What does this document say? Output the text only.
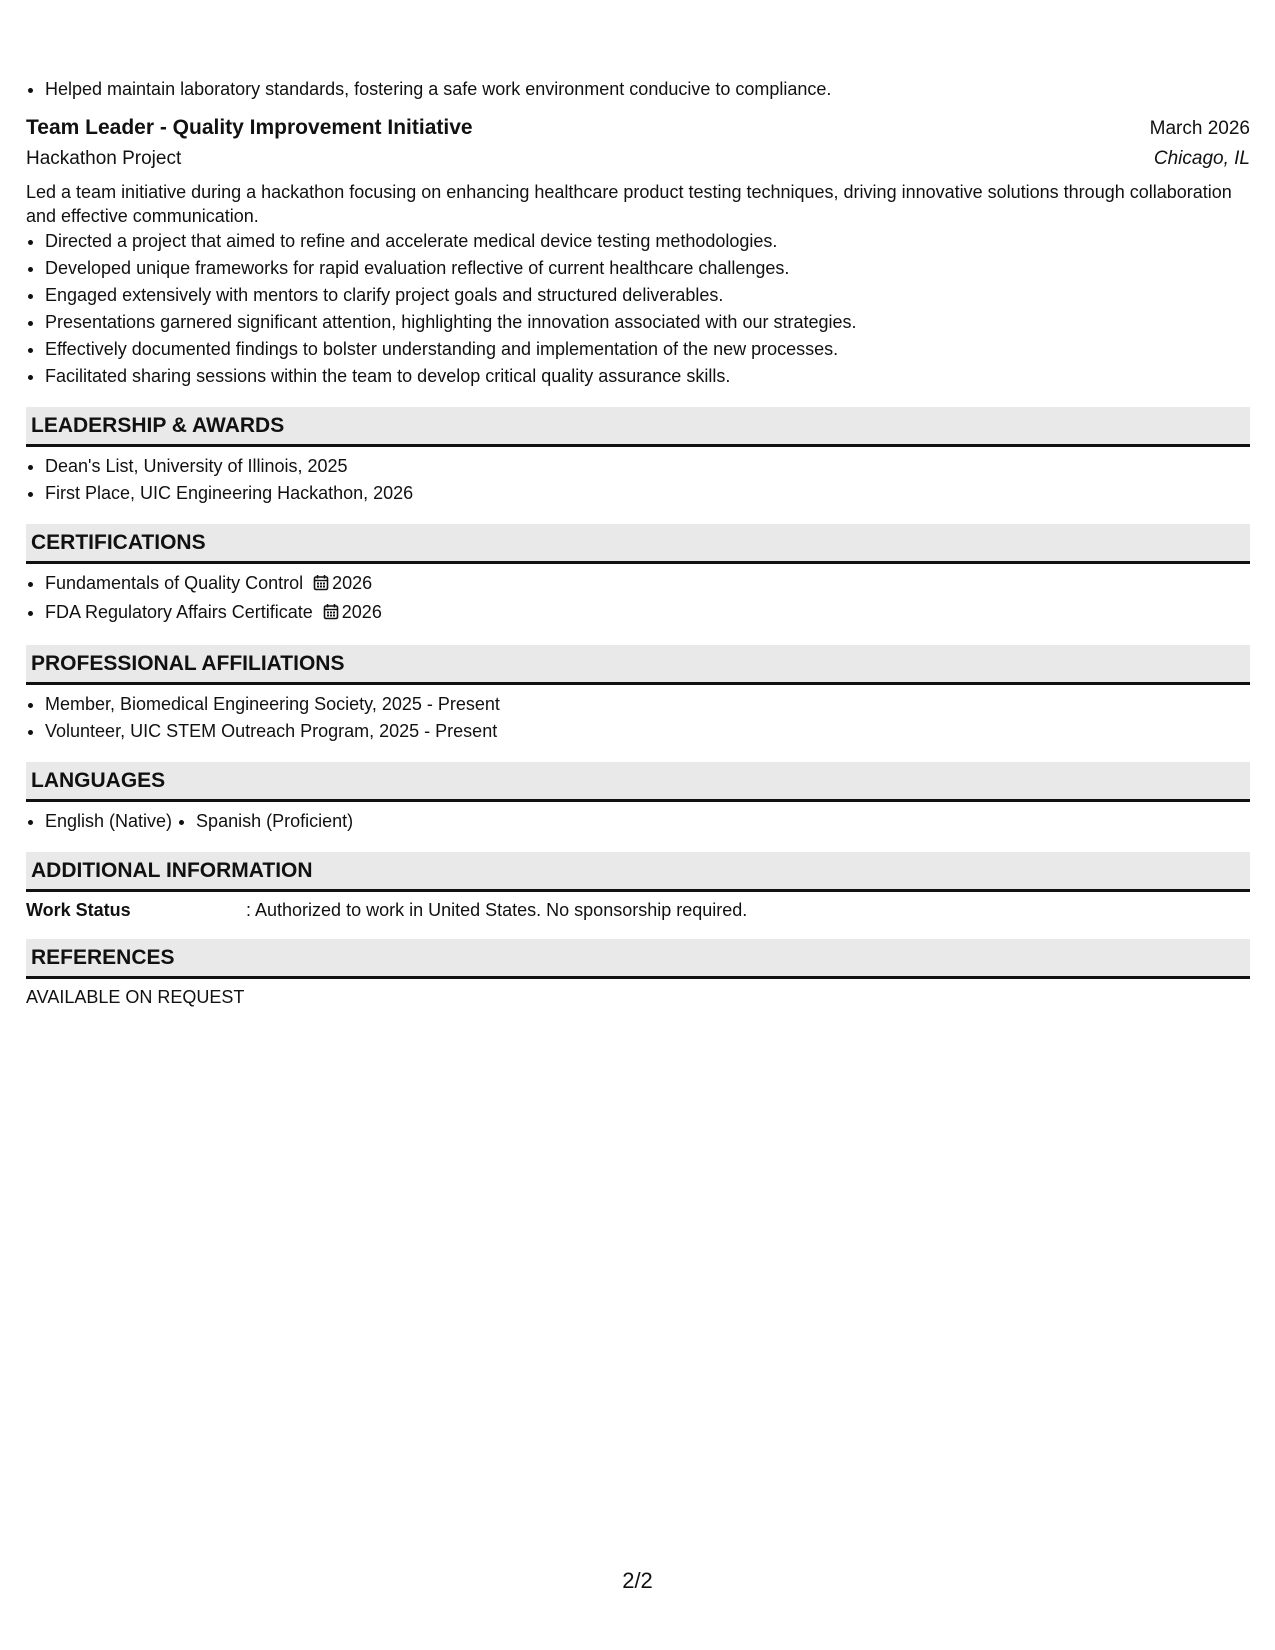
• Helped maintain laboratory standards, fostering a safe work environment conducive to compliance.
Team Leader - Quality Improvement Initiative	March 2026
Hackathon Project	Chicago, IL
Led a team initiative during a hackathon focusing on enhancing healthcare product testing techniques, driving innovative solutions through collaboration and effective communication.
• Directed a project that aimed to refine and accelerate medical device testing methodologies.
• Developed unique frameworks for rapid evaluation reflective of current healthcare challenges.
• Engaged extensively with mentors to clarify project goals and structured deliverables.
• Presentations garnered significant attention, highlighting the innovation associated with our strategies.
• Effectively documented findings to bolster understanding and implementation of the new processes.
• Facilitated sharing sessions within the team to develop critical quality assurance skills.
LEADERSHIP & AWARDS
• Dean's List, University of Illinois, 2025
• First Place, UIC Engineering Hackathon, 2026
CERTIFICATIONS
• Fundamentals of Quality Control 2026
• FDA Regulatory Affairs Certificate 2026
PROFESSIONAL AFFILIATIONS
• Member, Biomedical Engineering Society, 2025 - Present
• Volunteer, UIC STEM Outreach Program, 2025 - Present
LANGUAGES
• English (Native)
• Spanish (Proficient)
ADDITIONAL INFORMATION
Work Status	: Authorized to work in United States. No sponsorship required.
REFERENCES
AVAILABLE ON REQUEST
2/2
